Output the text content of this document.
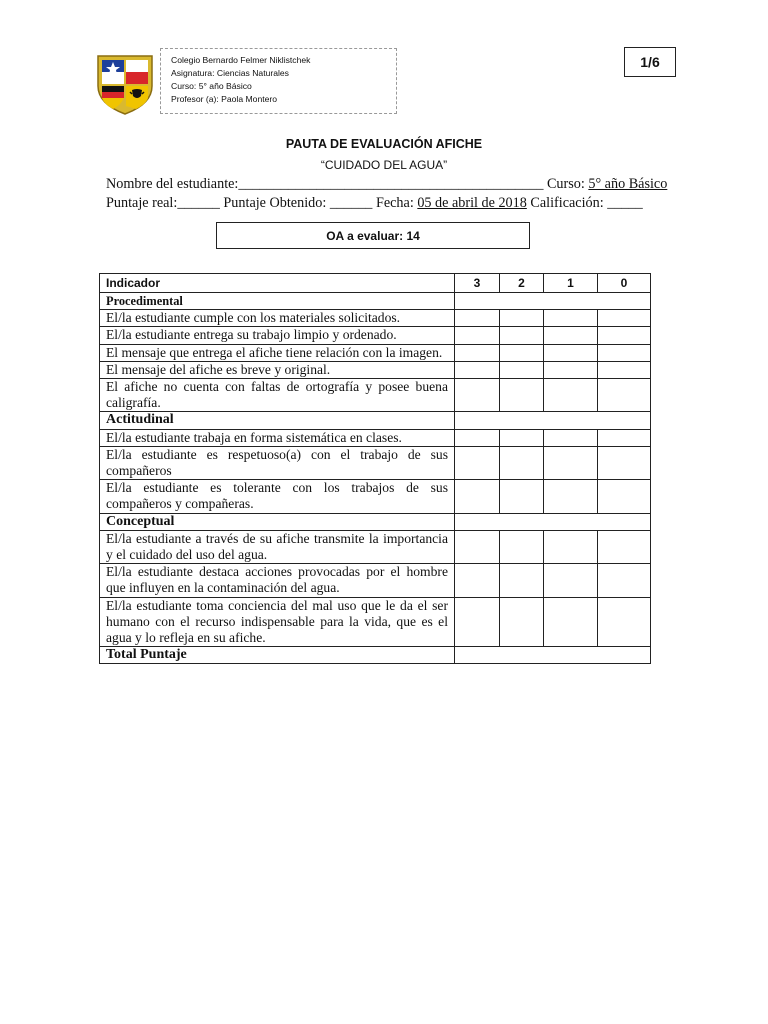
Colegio Bernardo Felmer Niklistchek
Asignatura: Ciencias Naturales
Curso: 5° año Básico
Profesor (a): Paola Montero
1/6
PAUTA DE EVALUACIÓN AFICHE
“CUIDADO DEL AGUA”
Nombre del estudiante:___________________________________________ Curso: 5° año Básico
Puntaje real:______ Puntaje Obtenido: ______ Fecha: 05 de abril de 2018 Calificación: _____
OA a evaluar: 14
Indicador	3	2	1	0
Procedimental				
El/la estudiante cumple con los materiales solicitados.				
El/la estudiante entrega su trabajo limpio y ordenado.				
El mensaje que entrega el afiche tiene relación con la imagen.				
El mensaje del afiche es breve y original.				
El afiche no cuenta con faltas de ortografía y posee buena caligrafía.				
Actitudinal				
El/la estudiante trabaja en forma sistemática en clases.				
El/la estudiante es respetuoso(a) con el trabajo de sus compañeros				
El/la estudiante es tolerante con los trabajos de sus compañeros y compañeras.				
Conceptual				
El/la estudiante a través de su afiche transmite la importancia y el cuidado del uso del agua.				
El/la estudiante destaca acciones provocadas por el hombre que influyen en la contaminación del agua.				
El/la estudiante toma conciencia del mal uso que le da el ser humano con el recurso indispensable para la vida, que es el agua y lo refleja en su afiche.				
Total Puntaje				
